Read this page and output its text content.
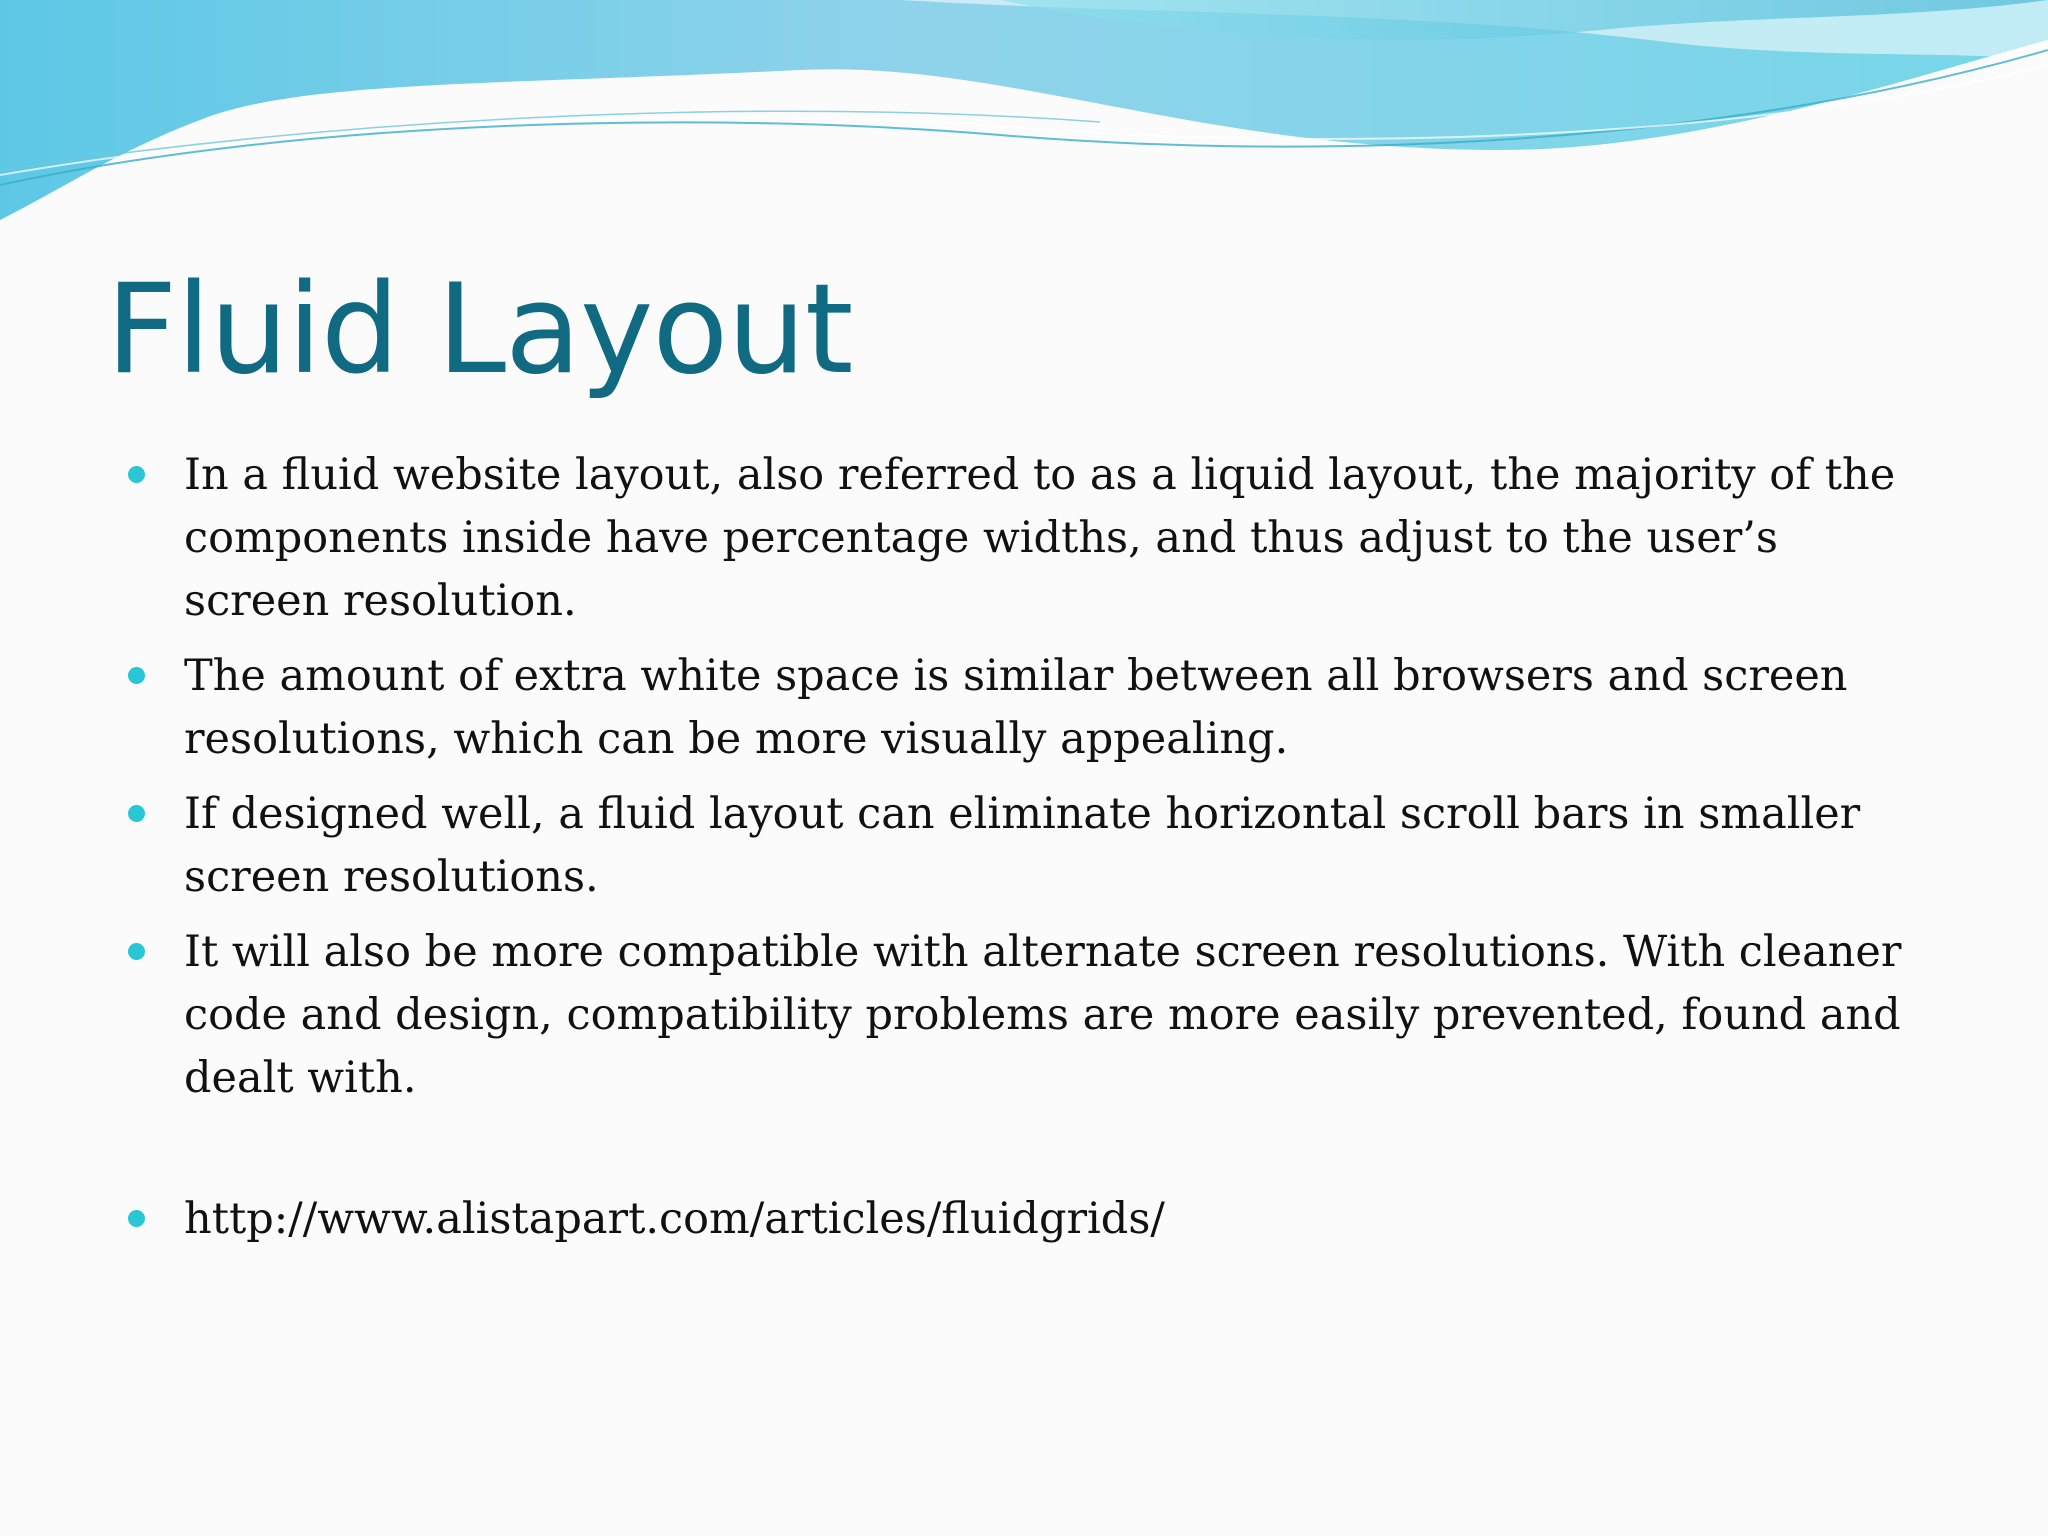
Fluid Layout
In a fluid website layout, also referred to as a liquid layout, the majority of the components inside have percentage widths, and thus adjust to the user’s screen resolution.
The amount of extra white space is similar between all browsers and screen resolutions, which can be more visually appealing.
If designed well, a fluid layout can eliminate horizontal scroll bars in smaller screen resolutions.
It will also be more compatible with alternate screen resolutions. With cleaner code and design, compatibility problems are more easily prevented, found and dealt with.
http://www.alistapart.com/articles/fluidgrids/
